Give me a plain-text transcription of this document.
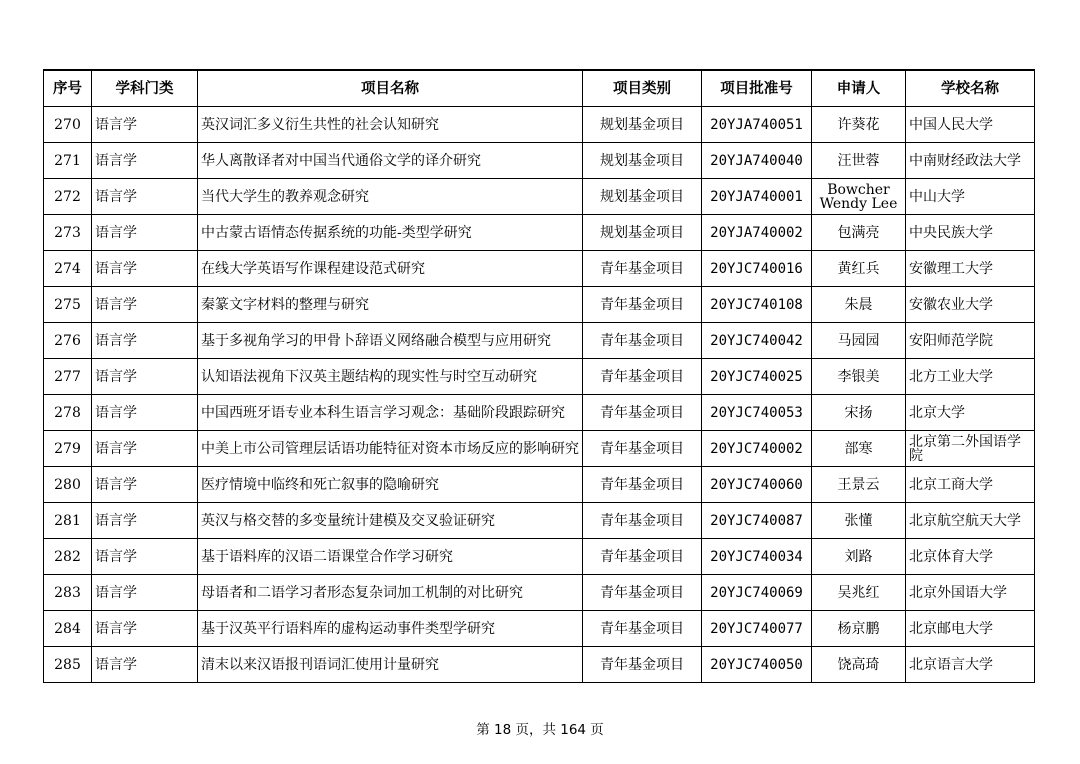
序号	学科门类	项目名称	项目类别	项目批准号	申请人	学校名称
270	语言学	英汉词汇多义衍生共性的社会认知研究	规划基金项目	20YJA740051	许葵花	中国人民大学
271	语言学	华人离散译者对中国当代通俗文学的译介研究	规划基金项目	20YJA740040	汪世蓉	中南财经政法大学
272	语言学	当代大学生的教养观念研究	规划基金项目	20YJA740001	Bowcher Wendy Lee	中山大学
273	语言学	中古蒙古语情态传据系统的功能-类型学研究	规划基金项目	20YJA740002	包满亮	中央民族大学
274	语言学	在线大学英语写作课程建设范式研究	青年基金项目	20YJC740016	黄红兵	安徽理工大学
275	语言学	秦篆文字材料的整理与研究	青年基金项目	20YJC740108	朱晨	安徽农业大学
276	语言学	基于多视角学习的甲骨卜辞语义网络融合模型与应用研究	青年基金项目	20YJC740042	马园园	安阳师范学院
277	语言学	认知语法视角下汉英主题结构的现实性与时空互动研究	青年基金项目	20YJC740025	李银美	北方工业大学
278	语言学	中国西班牙语专业本科生语言学习观念：基础阶段跟踪研究	青年基金项目	20YJC740053	宋扬	北京大学
279	语言学	中美上市公司管理层话语功能特征对资本市场反应的影响研究	青年基金项目	20YJC740002	部寒	北京第二外国语学院
280	语言学	医疗情境中临终和死亡叙事的隐喻研究	青年基金项目	20YJC740060	王景云	北京工商大学
281	语言学	英汉与格交替的多变量统计建模及交叉验证研究	青年基金项目	20YJC740087	张懂	北京航空航天大学
282	语言学	基于语料库的汉语二语课堂合作学习研究	青年基金项目	20YJC740034	刘路	北京体育大学
283	语言学	母语者和二语学习者形态复杂词加工机制的对比研究	青年基金项目	20YJC740069	吴兆红	北京外国语大学
284	语言学	基于汉英平行语料库的虚构运动事件类型学研究	青年基金项目	20YJC740077	杨京鹏	北京邮电大学
285	语言学	清末以来汉语报刊语词汇使用计量研究	青年基金项目	20YJC740050	饶高琦	北京语言大学
第 18 页，共 164 页
